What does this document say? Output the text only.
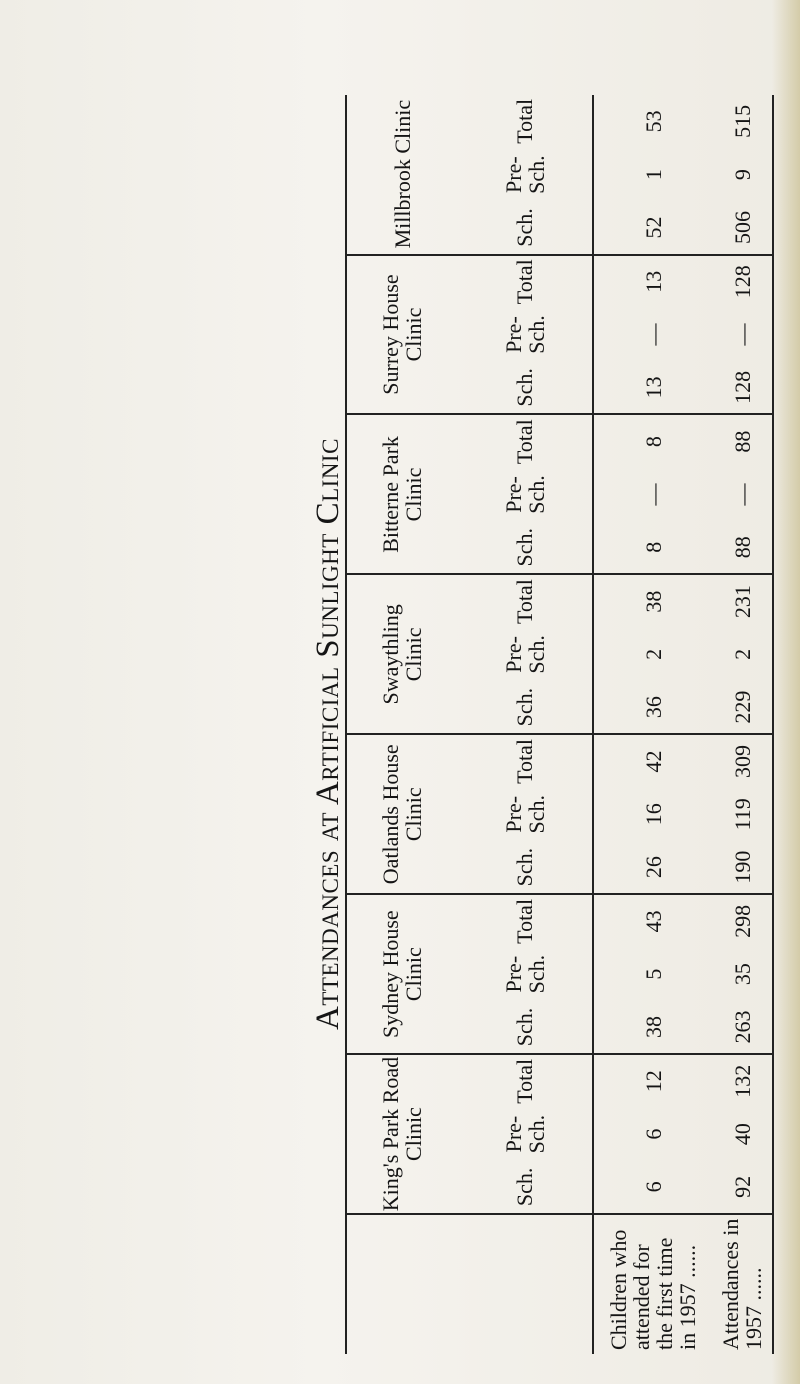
Attendances at Artificial Sunlight Clinic
	King's Park Road Clinic			Sydney House Clinic			Oatlands House Clinic			Swaythling Clinic			Bitterne Park Clinic			Surrey House Clinic			Millbrook Clinic		
	Sch.	Pre-Sch.	Total	Sch.	Pre-Sch.	Total	Sch.	Pre-Sch.	Total	Sch.	Pre-Sch.	Total	Sch.	Pre-Sch.	Total	Sch.	Pre-Sch.	Total	Sch.	Pre-Sch.	Total
Children who attended for the first time in 1957 ......	6	6	12	38	5	43	26	16	42	36	2	38	8	—	8	13	—	13	52	1	53
Attendances in 1957 ......	92	40	132	263	35	298	190	119	309	229	2	231	88	—	88	128	—	128	506	9	515
